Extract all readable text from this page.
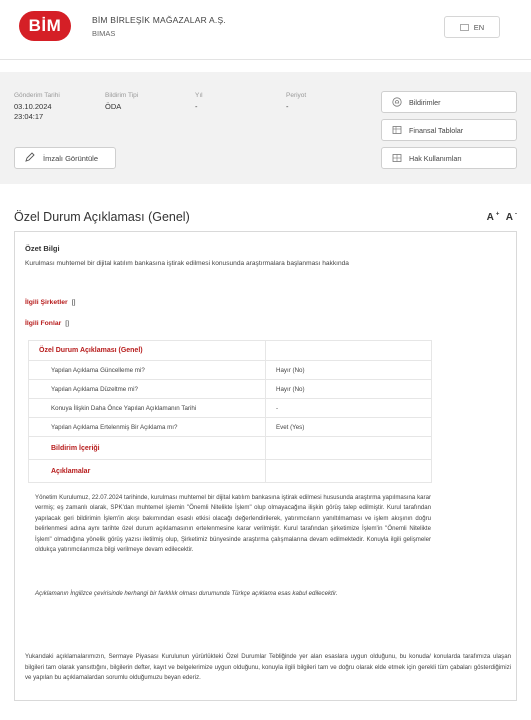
BİM	BİM BİRLEŞİK MAĞAZALAR A.Ş.
BIMAS
EN
Gönderim Tarihi
03.10.2024
23:04:17
Bildirim Tipi
ÖDA
Yıl
-
Periyot
-
İmzalı Görüntüle
Bildirimler
Finansal Tablolar
Hak Kullanımları
Özel Durum Açıklaması (Genel)	A+ A-
Özet Bilgi
Kurulması muhtemel bir dijital katılım bankasına iştirak edilmesi konusunda araştırmalara başlanması hakkında
İlgili Şirketler []
İlgili Fonlar []
Özel Durum Açıklaması (Genel)	
Yapılan Açıklama Güncelleme mi?	Hayır (No)
Yapılan Açıklama Düzeltme mi?	Hayır (No)
Konuya İlişkin Daha Önce Yapılan Açıklamanın Tarihi	-
Yapılan Açıklama Ertelenmiş Bir Açıklama mı?	Evet (Yes)
Bildirim İçeriği	
Açıklamalar	
Yönetim Kurulumuz, 22.07.2024 tarihinde, kurulması muhtemel bir dijital katılım bankasına iştirak edilmesi hususunda araştırma yapılmasına karar vermiş; eş zamanlı olarak, SPK'dan muhtemel işlemin "Önemli Nitelikte İşlem" olup olmayacağına ilişkin görüş talep edilmiştir. Kurul tarafından yapılacak geri bildirimin İşlem'in akışı bakımından esaslı etkisi olacağı değerlendirilerek, yatırımcıların yanıltılmaması ve işlem akışının doğru belirlenmesi adına aynı tarihte özel durum açıklamasının ertelenmesine karar verilmiştir. Kurul tarafından şirketimize İşlem'in "Önemli Nitelikte İşlem" olmadığına yönelik görüş yazısı iletilmiş olup, Şirketimiz bünyesinde araştırma çalışmalarına devam edilmektedir. Konuyla ilgili gelişmeler oldukça yatırımcılarımıza bilgi verilmeye devam edilecektir.
Açıklamanın İngilizce çevirisinde herhangi bir farklılık olması durumunda Türkçe açıklama esas kabul edilecektir.
Yukarıdaki açıklamalarımızın, Sermaye Piyasası Kurulunun yürürlükteki Özel Durumlar Tebliğinde yer alan esaslara uygun olduğunu, bu konuda/ konularda tarafımıza ulaşan bilgileri tam olarak yansıttığını, bilgilerin defter, kayıt ve belgelerimize uygun olduğunu, konuyla ilgili bilgileri tam ve doğru olarak elde etmek için gerekli tüm çabaları gösterdiğimizi ve yapılan bu açıklamalardan sorumlu olduğumuzu beyan ederiz.
